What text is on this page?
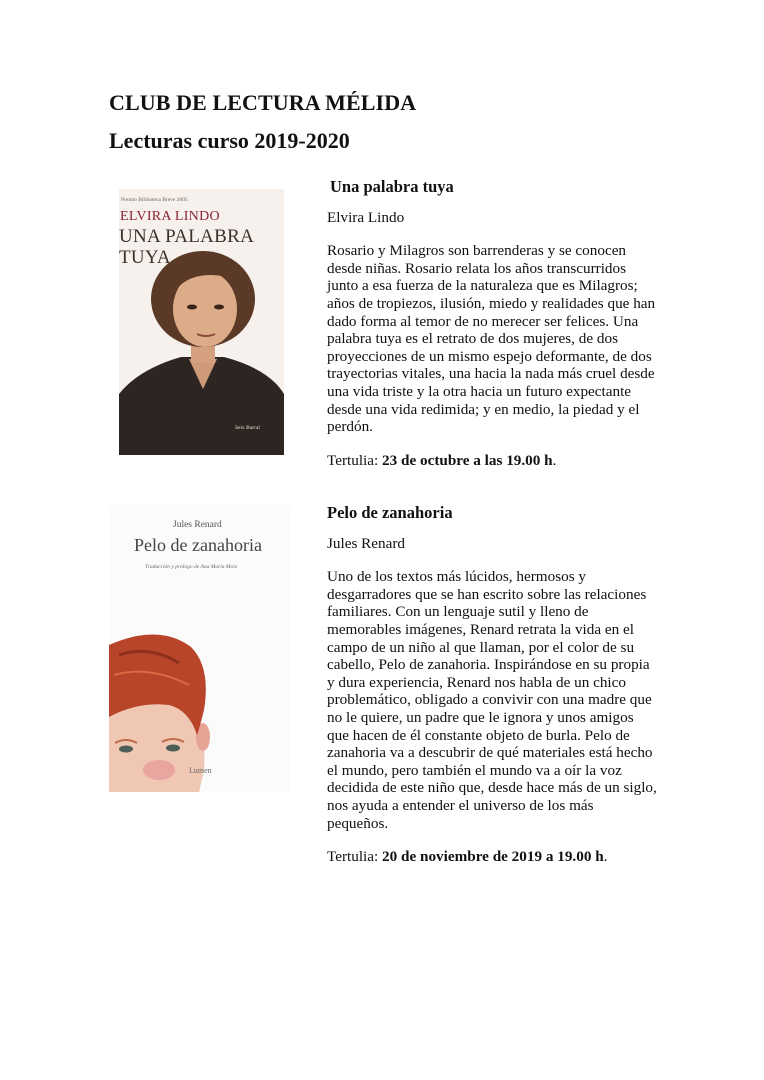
CLUB DE LECTURA MÉLIDA
Lecturas curso 2019-2020
Premio Biblioteca Breve 2005
ELVIRA LINDO
UNA PALABRA
TUYA
Seix Barral

Una palabra tuya

Elvira Lindo

Rosario y Milagros son barrenderas y se conocen desde niñas. Rosario relata los años transcurridos junto a esa fuerza de la naturaleza que es Milagros; años de tropiezos, ilusión, miedo y realidades que han dado forma al temor de no merecer ser felices. Una palabra tuya es el retrato de dos mujeres, de dos proyecciones de un mismo espejo deformante, de dos trayectorias vitales, una hacia la nada más cruel desde una vida triste y la otra hacia un futuro expectante desde una vida redimida; y en medio, la piedad y el perdón.

Tertulia: 23 de octubre a las 19.00 h.

Jules Renard
Pelo de zanahoria
Traducción y prólogo de Ana María Moix
Lumen

Pelo de zanahoria

Jules Renard

Uno de los textos más lúcidos, hermosos y desgarradores que se han escrito sobre las relaciones familiares. Con un lenguaje sutil y lleno de memorables imágenes, Renard retrata la vida en el campo de un niño al que llaman, por el color de su cabello, Pelo de zanahoria. Inspirándose en su propia y dura experiencia, Renard nos habla de un chico problemático, obligado a convivir con una madre que no le quiere, un padre que le ignora y unos amigos que hacen de él constante objeto de burla. Pelo de zanahoria va a descubrir de qué materiales está hecho el mundo, pero también el mundo va a oír la voz decidida de este niño que, desde hace más de un siglo, nos ayuda a entender el universo de los más pequeños.

Tertulia: 20 de noviembre de 2019 a 19.00 h.
